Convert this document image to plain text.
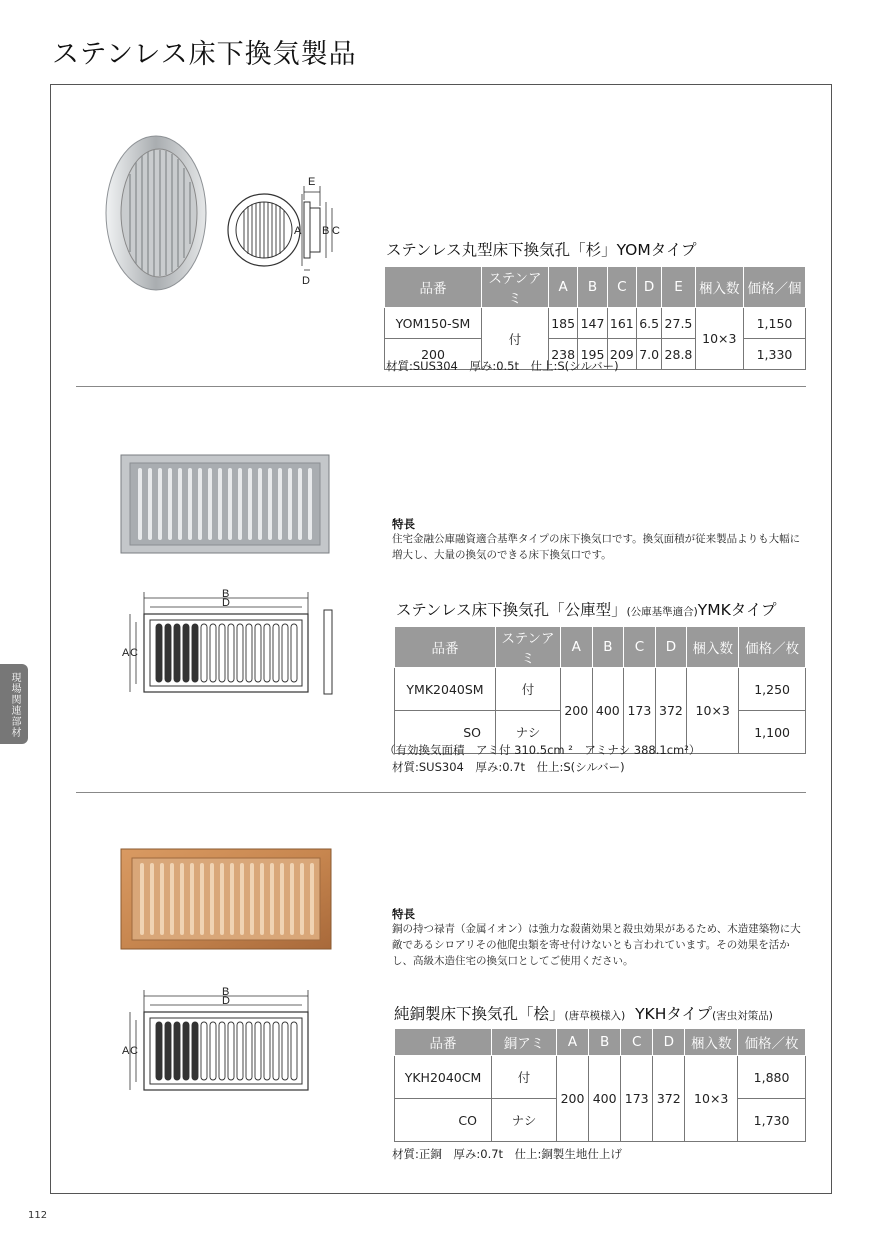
ステンレス床下換気製品
現場関連部材
112
E
A B C
D
ステンレス丸型床下換気孔「杉」YOMタイプ
品番	ステンアミ	A	B	C	D	E	梱入数	価格／個
YOM150-SM	付	185	147	161	6.5	27.5	10×3	1,150
200		238	195	209	7.0	28.8		1,330
材質:SUS304　厚み:0.5t　仕上:S(シルバー)
特長
住宅金融公庫融資適合基準タイプの床下換気口です。換気面積が従来製品よりも大幅に増大し、大量の換気のできる床下換気口です。
B
D
A C
ステンレス床下換気孔「公庫型」(公庫基準適合)YMKタイプ
品番	ステンアミ	A	B	C	D	梱入数	価格／枚
YMK2040SM	付	200	400	173	372	10×3	1,250
SO	ナシ						1,100
（有効換気面積　アミ付 310.5cm ²　アミナシ 388.1cm²）
材質:SUS304　厚み:0.7t　仕上:S(シルバー)
特長
銅の持つ禄青（金属イオン）は強力な殺菌効果と殺虫効果があるため、木造建築物に大敵であるシロアリその他爬虫類を寄せ付けないとも言われています。その効果を活かし、高級木造住宅の換気口としてご使用ください。
B
D
A C
純銅製床下換気孔「桧」(唐草模様入) YKHタイプ(害虫対策品)
品番	銅アミ	A	B	C	D	梱入数	価格／枚
YKH2040CM	付	200	400	173	372	10×3	1,880
CO	ナシ						1,730
材質:正銅　厚み:0.7t　仕上:銅製生地仕上げ
